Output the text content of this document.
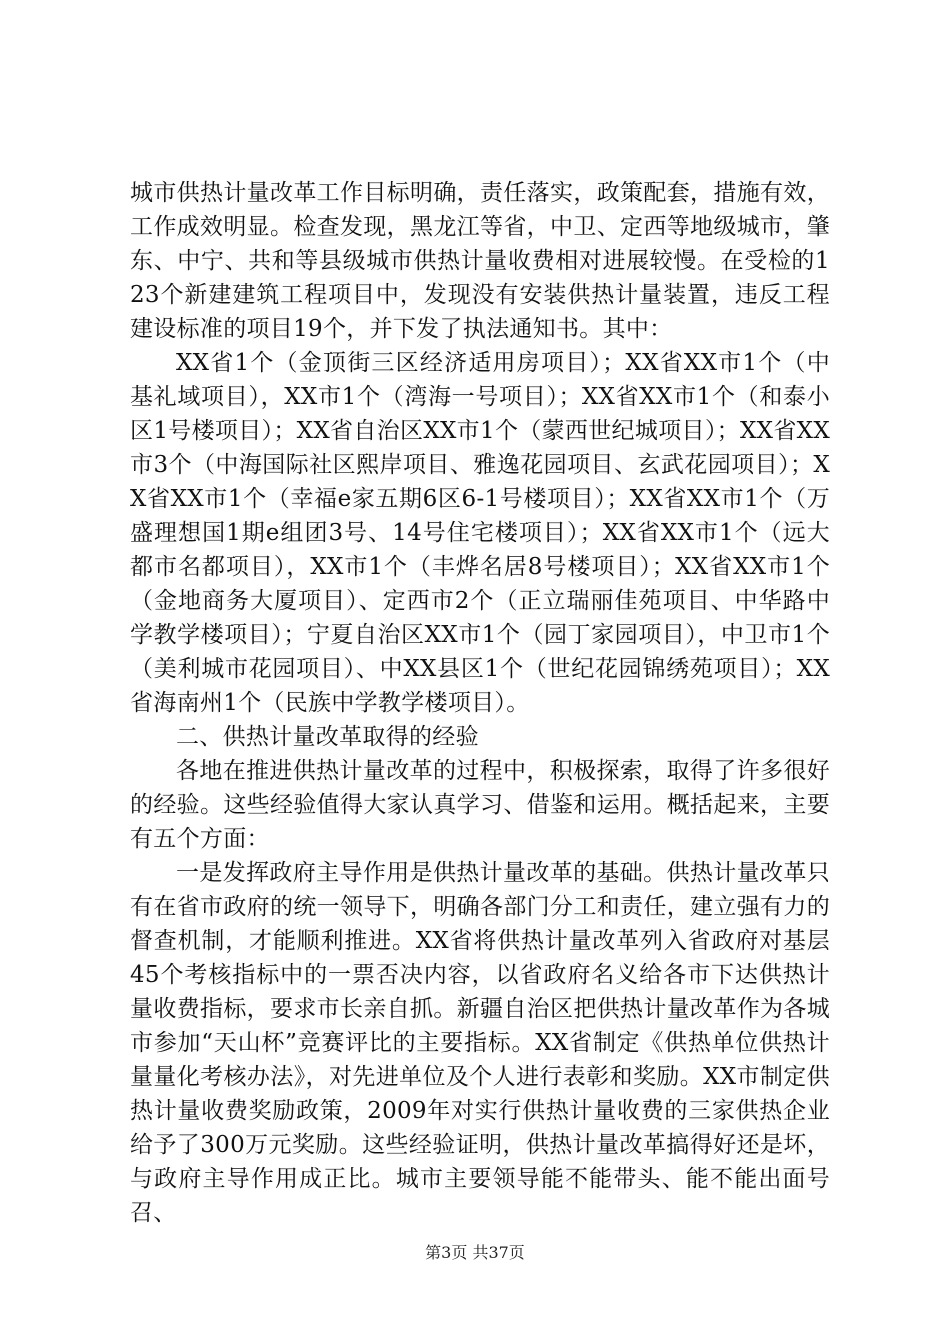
城市供热计量改革工作目标明确，责任落实，政策配套，措施有效，工作成效明显。检查发现，黑龙江等省，中卫、定西等地级城市，肇东、中宁、共和等县级城市供热计量收费相对进展较慢。在受检的123个新建建筑工程项目中，发现没有安装供热计量装置，违反工程建设标准的项目19个，并下发了执法通知书。其中：

XX省1个（金顶街三区经济适用房项目）；XX省XX市1个（中基礼域项目），XX市1个（湾海一号项目）；XX省XX市1个（和泰小区1号楼项目）；XX省自治区XX市1个（蒙西世纪城项目）；XX省XX市3个（中海国际社区熙岸项目、雅逸花园项目、玄武花园项目）；XX省XX市1个（幸福e家五期6区6-1号楼项目）；XX省XX市1个（万盛理想国1期e组团3号、14号住宅楼项目）；XX省XX市1个（远大都市名都项目），XX市1个（丰烨名居8号楼项目）；XX省XX市1个（金地商务大厦项目）、定西市2个（正立瑞丽佳苑项目、中华路中学教学楼项目）；宁夏自治区XX市1个（园丁家园项目），中卫市1个（美利城市花园项目）、中XX县区1个（世纪花园锦绣苑项目）；XX省海南州1个（民族中学教学楼项目）。

二、供热计量改革取得的经验

各地在推进供热计量改革的过程中，积极探索，取得了许多很好的经验。这些经验值得大家认真学习、借鉴和运用。概括起来，主要有五个方面：

一是发挥政府主导作用是供热计量改革的基础。供热计量改革只有在省市政府的统一领导下，明确各部门分工和责任，建立强有力的督查机制，才能顺利推进。XX省将供热计量改革列入省政府对基层45个考核指标中的一票否决内容，以省政府名义给各市下达供热计量收费指标，要求市长亲自抓。新疆自治区把供热计量改革作为各城市参加“天山杯”竞赛评比的主要指标。XX省制定《供热单位供热计量量化考核办法》，对先进单位及个人进行表彰和奖励。XX市制定供热计量收费奖励政策，2009年对实行供热计量收费的三家供热企业给予了300万元奖励。这些经验证明，供热计量改革搞得好还是坏，与政府主导作用成正比。城市主要领导能不能带头、能不能出面号召、

第3页 共37页
